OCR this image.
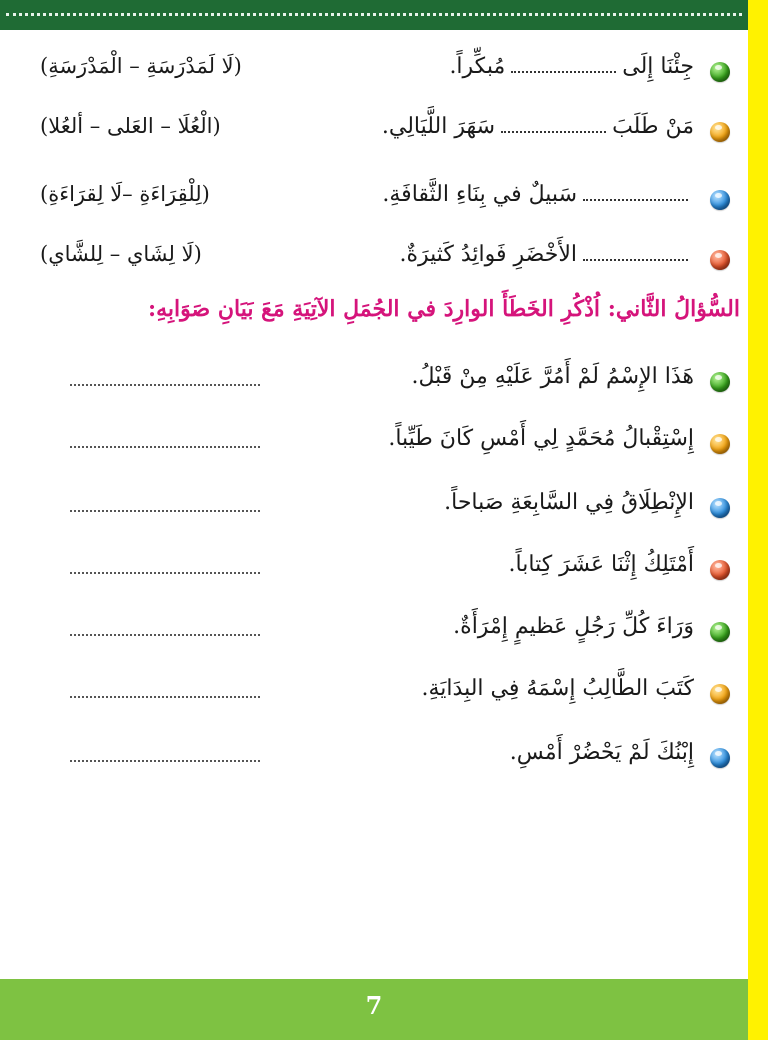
جِئْنَا إِلَىمُبكِّراً.
(لَا لَمَدْرَسَةِ – الْمَدْرَسَةِ)
مَنْ طَلَبَسَهَرَ اللَّيَالِي.
(الْعُلَا – العَلى – ألعُلا)
سَبيلٌ في بِنَاءِ الثَّقافَةِ.
(لِلْقِرَاءَةِ –لَا لِقرَاءَةِ)
الأَخْضَرِ فَوائِدُ كَثيرَةٌ.
(لَا لِشَاي – لِلشَّاي)
السُّؤالُ الثَّاني: اُذْكُرِ الخَطَأَ الوارِدَ في الجُمَلِ الآتِيَةِ مَعَ بَيَانِ صَوَابِهِ:
هَذَا الإِسْمُ لَمْ أَمُرَّ عَلَيْهِ مِنْ قَبْلُ.
إِسْتِقْبالُ مُحَمَّدٍ لِي أَمْسِ كَانَ طَيِّباً.
الإِنْطِلَاقُ فِي السَّابِعَةِ صَباحاً.
أَمْتَلِكُ إِثْنَا عَشَرَ كِتاباً.
وَرَاءَ كُلِّ رَجُلٍ عَظيمٍ إِمْرَأَةٌ.
كَتَبَ الطَّالِبُ إِسْمَهُ فِي البِدَايَةِ.
إِبْنُكَ لَمْ يَحْضُرْ أَمْسِ.
7
